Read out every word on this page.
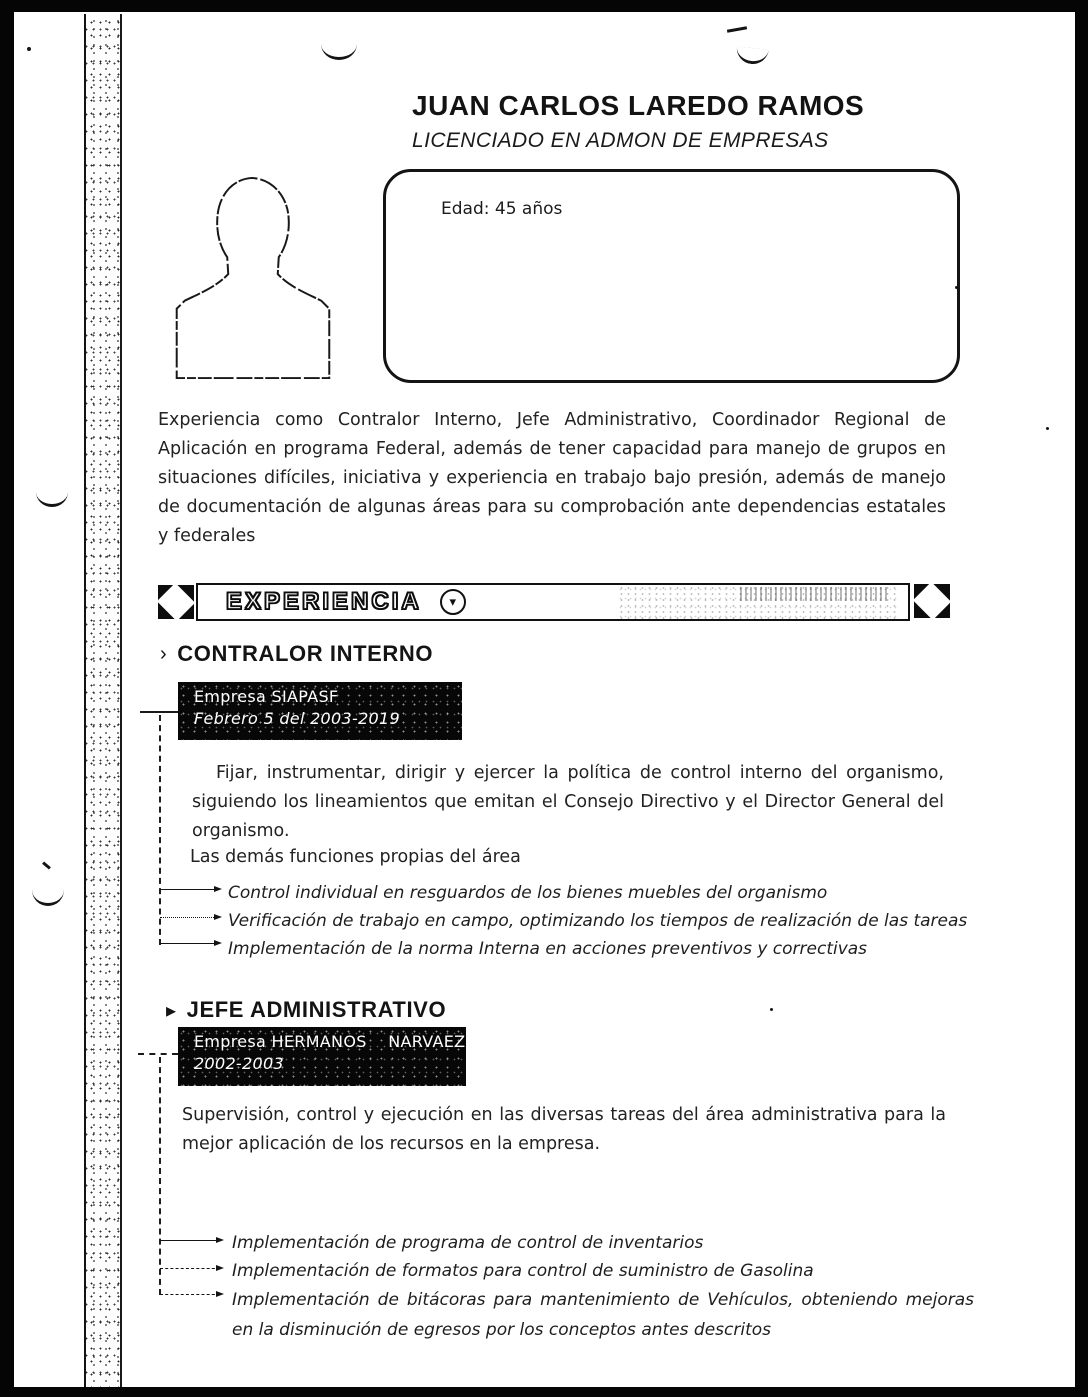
JUAN CARLOS LAREDO RAMOS
LICENCIADO EN ADMON DE EMPRESAS
Edad: 45 años
Experiencia como Contralor Interno, Jefe Administrativo, Coordinador Regional de Aplicación en programa Federal, además de tener capacidad para manejo de grupos en situaciones difíciles, iniciativa y experiencia en trabajo bajo presión, además de manejo de documentación de algunas áreas para su comprobación ante dependencias estatales y federales
EXPERIENCIA	▾
› CONTRALOR INTERNO
Empresa SIAPASF
Febrero 5 del 2003-2019
Fijar, instrumentar, dirigir y ejercer la política de control interno del organismo, siguiendo los lineamientos que emitan el Consejo Directivo y el Director General del organismo.
Las demás funciones propias del área
Control individual en resguardos de los bienes muebles del organismo
Verificación de trabajo en campo, optimizando los tiempos de realización de las tareas
Implementación de la norma Interna en acciones preventivos y correctivas
▸ JEFE ADMINISTRATIVO
Empresa HERMANOS    NARVAEZ
2002-2003
Supervisión, control y ejecución en las diversas tareas del área administrativa para la mejor aplicación de los recursos en la empresa.
Implementación de programa de control de inventarios
Implementación de formatos para control de suministro de Gasolina
Implementación de bitácoras para mantenimiento de Vehículos, obteniendo mejoras en la disminución de egresos por los conceptos antes descritos
